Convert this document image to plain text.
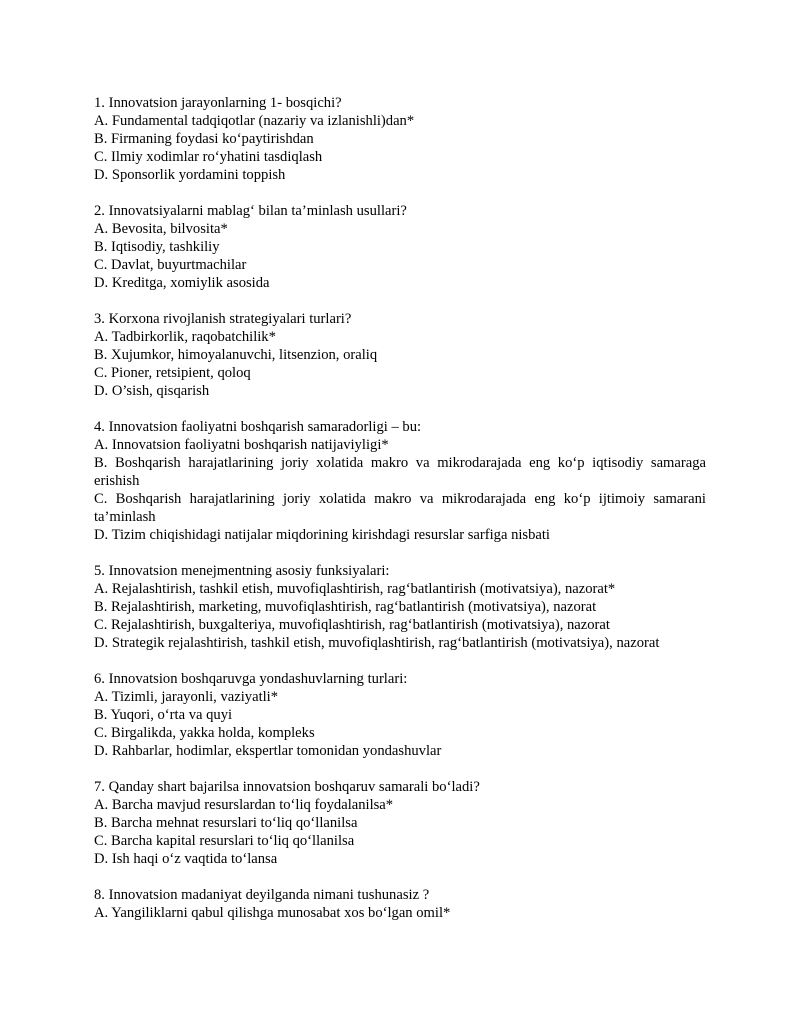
1. Innovatsion jarayonlarning 1- bosqichi?
A. Fundamental tadqiqotlar (nazariy va izlanishli)dan*
B. Firmaning foydasi ko‘paytirishdan
C. Ilmiy xodimlar ro‘yhatini tasdiqlash
D. Sponsorlik yordamini toppish
2. Innovatsiyalarni mablag‘ bilan ta’minlash usullari?
A. Bevosita, bilvosita*
B. Iqtisodiy, tashkiliy
C. Davlat, buyurtmachilar
D. Kreditga, xomiylik asosida
3. Korxona rivojlanish strategiyalari turlari?
A. Tadbirkorlik, raqobatchilik*
B. Xujumkor, himoyalanuvchi, litsenzion, oraliq
C. Pioner, retsipient, qoloq
D. O’sish, qisqarish
4. Innovatsion faoliyatni boshqarish samaradorligi – bu:
A. Innovatsion faoliyatni boshqarish natijaviyligi*
B. Boshqarish harajatlarining joriy xolatida makro va mikrodarajada eng ko‘p iqtisodiy samaraga erishish
C. Boshqarish harajatlarining joriy xolatida makro va mikrodarajada eng ko‘p ijtimoiy samarani ta’minlash
D. Tizim chiqishidagi natijalar miqdorining kirishdagi resurslar sarfiga nisbati
5. Innovatsion menejmentning asosiy funksiyalari:
A. Rejalashtirish, tashkil etish, muvofiqlashtirish, rag‘batlantirish (motivatsiya), nazorat*
B. Rejalashtirish, marketing, muvofiqlashtirish, rag‘batlantirish (motivatsiya), nazorat
C. Rejalashtirish, buxgalteriya, muvofiqlashtirish, rag‘batlantirish (motivatsiya), nazorat
D. Strategik rejalashtirish, tashkil etish, muvofiqlashtirish, rag‘batlantirish (motivatsiya), nazorat
6. Innovatsion boshqaruvga yondashuvlarning turlari:
A. Tizimli, jarayonli, vaziyatli*
B. Yuqori, o‘rta va quyi
C. Birgalikda, yakka holda, kompleks
D. Rahbarlar, hodimlar, ekspertlar tomonidan yondashuvlar
7. Qanday shart bajarilsa innovatsion boshqaruv samarali bo‘ladi?
A. Barcha mavjud resurslardan to‘liq foydalanilsa*
B. Barcha mehnat resurslari to‘liq qo‘llanilsa
C. Barcha kapital resurslari to‘liq qo‘llanilsa
D. Ish haqi o‘z vaqtida to‘lansa
8. Innovatsion madaniyat deyilganda nimani tushunasiz ?
A. Yangiliklarni qabul qilishga munosabat xos bo‘lgan omil*
